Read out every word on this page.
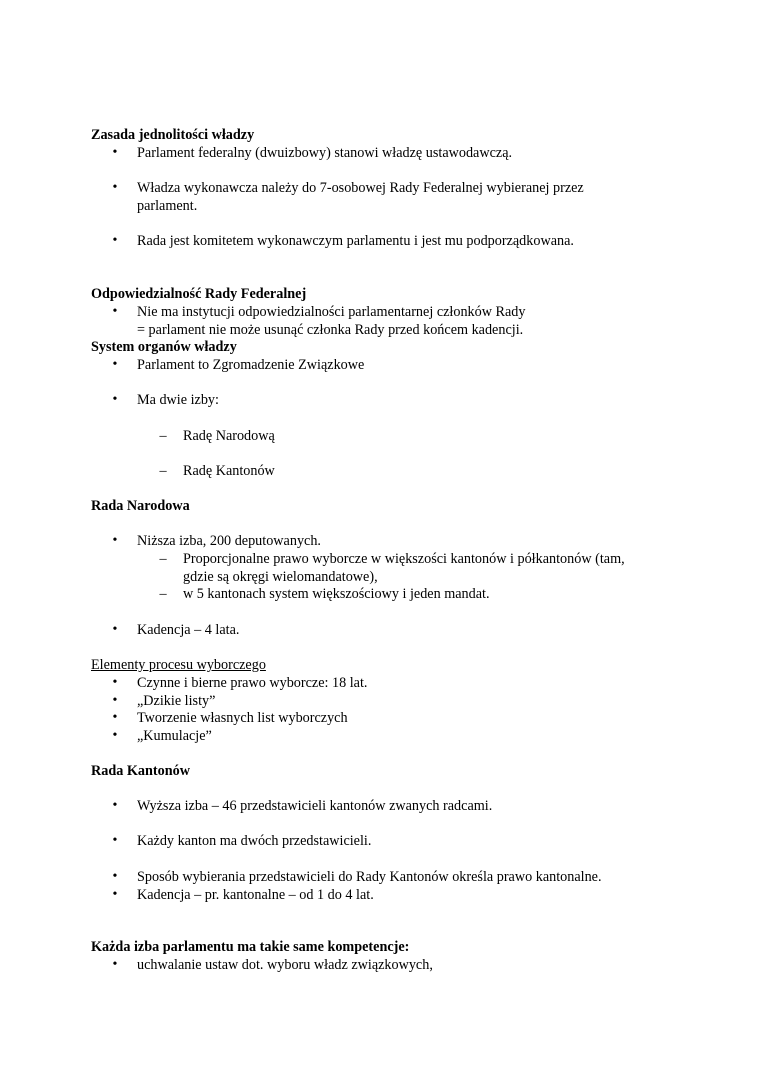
Zasada jednolitości władzy
• Parlament federalny (dwuizbowy) stanowi władzę ustawodawczą.
• Władza wykonawcza należy do 7-osobowej Rady Federalnej wybieranej przez
parlament.
• Rada jest komitetem wykonawczym parlamentu i jest mu podporządkowana.
Odpowiedzialność Rady Federalnej
• Nie ma instytucji odpowiedzialności parlamentarnej członków Rady
= parlament nie może usunąć członka Rady przed końcem kadencji.
System organów władzy
• Parlament to Zgromadzenie Związkowe
• Ma dwie izby:
– Radę Narodową
– Radę Kantonów
Rada Narodowa
• Niższa izba, 200 deputowanych.
– Proporcjonalne prawo wyborcze w większości kantonów i półkantonów (tam,
gdzie są okręgi wielomandatowe),
– w 5 kantonach system większościowy i jeden mandat.
• Kadencja – 4 lata.
Elementy procesu wyborczego
• Czynne i bierne prawo wyborcze: 18 lat.
• „Dzikie listy”
• Tworzenie własnych list wyborczych
• „Kumulacje”
Rada Kantonów
• Wyższa izba – 46 przedstawicieli kantonów zwanych radcami.
• Każdy kanton ma dwóch przedstawicieli.
• Sposób wybierania przedstawicieli do Rady Kantonów określa prawo kantonalne.
• Kadencja – pr. kantonalne – od 1 do 4 lat.
Każda izba parlamentu ma takie same kompetencje:
• uchwalanie ustaw dot. wyboru władz związkowych,
